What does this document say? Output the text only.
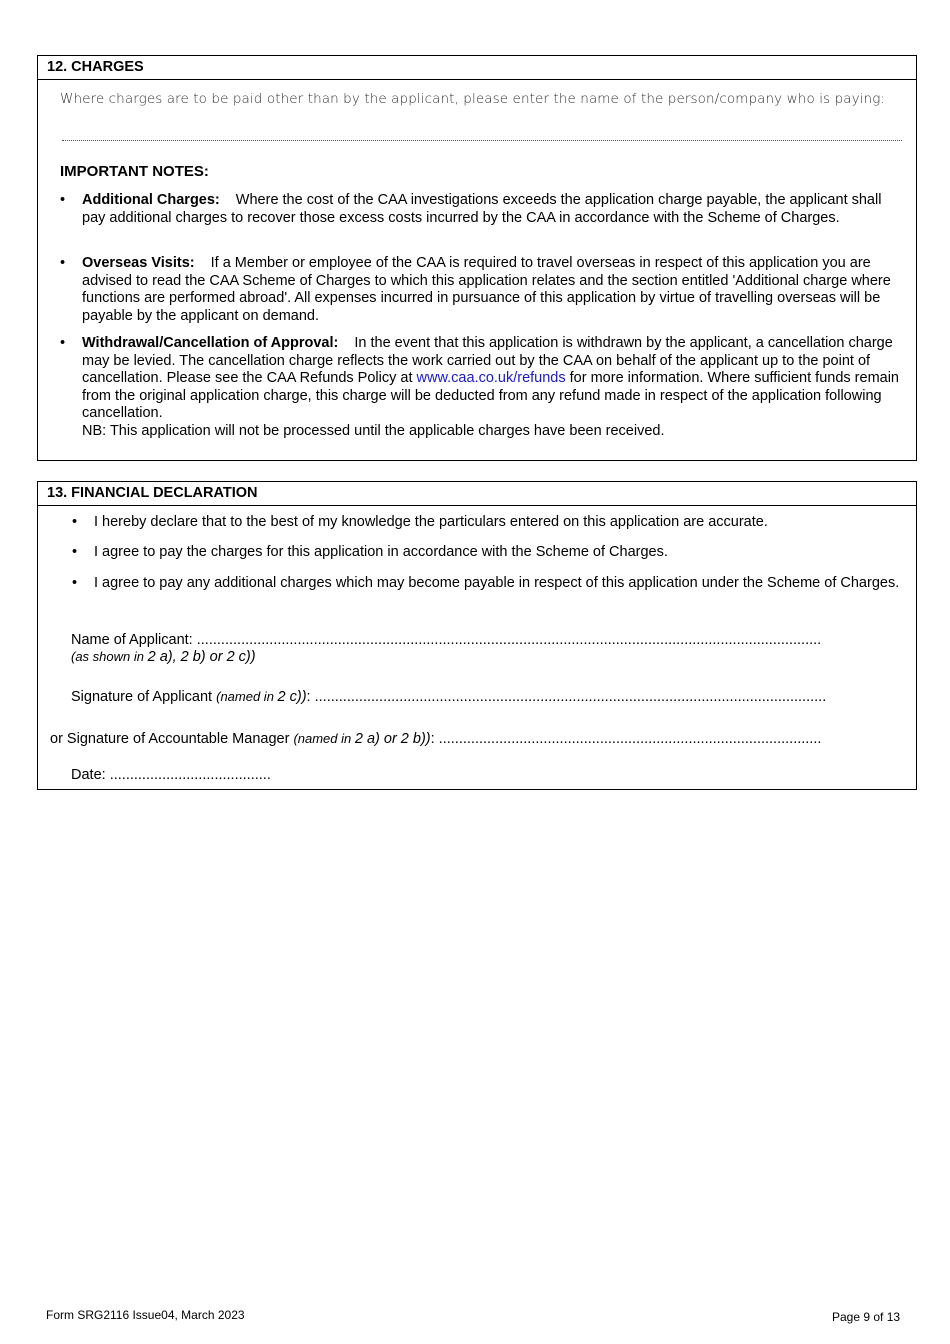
12. CHARGES
Where charges are to be paid other than by the applicant, please enter the name of the person/company who is paying:
IMPORTANT NOTES:
• Additional Charges: Where the cost of the CAA investigations exceeds the application charge payable, the applicant shall pay additional charges to recover those excess costs incurred by the CAA in accordance with the Scheme of Charges.
• Overseas Visits: If a Member or employee of the CAA is required to travel overseas in respect of this application you are advised to read the CAA Scheme of Charges to which this application relates and the section entitled 'Additional charge where functions are performed abroad'. All expenses incurred in pursuance of this application by virtue of travelling overseas will be payable by the applicant on demand.
• Withdrawal/Cancellation of Approval: In the event that this application is withdrawn by the applicant, a cancellation charge may be levied. The cancellation charge reflects the work carried out by the CAA on behalf of the applicant up to the point of cancellation. Please see the CAA Refunds Policy at www.caa.co.uk/refunds for more information. Where sufficient funds remain from the original application charge, this charge will be deducted from any refund made in respect of the application following cancellation.
NB: This application will not be processed until the applicable charges have been received.
13. FINANCIAL DECLARATION
• I hereby declare that to the best of my knowledge the particulars entered on this application are accurate.
• I agree to pay the charges for this application in accordance with the Scheme of Charges.
• I agree to pay any additional charges which may become payable in respect of this application under the Scheme of Charges.
Name of Applicant: ...........................................................................................................................................................
(as shown in 2 a), 2 b) or 2 c))
Signature of Applicant (named in 2 c)): ...............................................................................................................................
or Signature of Accountable Manager (named in 2 a) or 2 b)): ...............................................................................................
Date: ........................................
Form SRG2116 Issue04, March 2023	Page 9 of 13
